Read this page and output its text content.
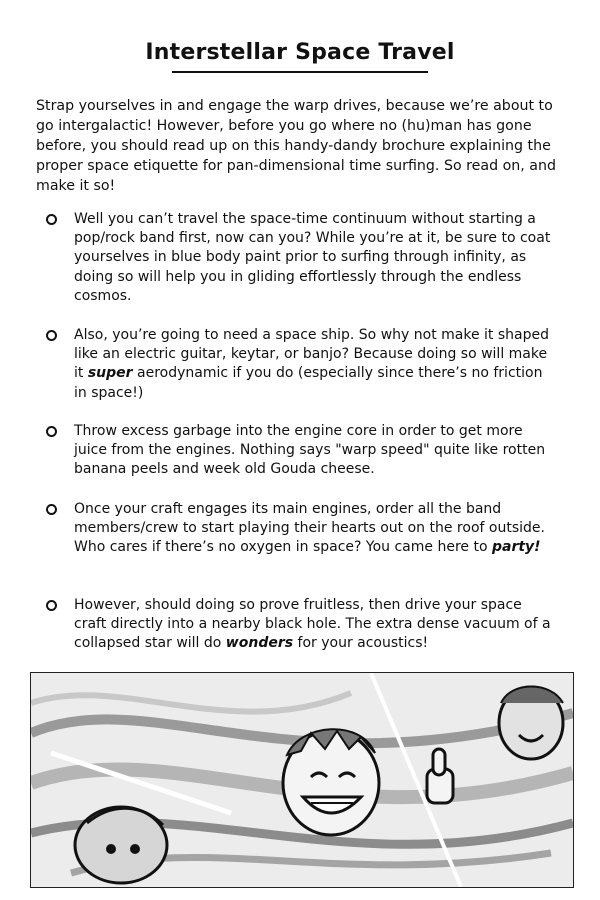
Interstellar Space Travel

Strap yourselves in and engage the warp drives, because we’re about to go intergalactic! However, before you go where no (hu)man has gone before, you should read up on this handy-dandy brochure explaining the proper space etiquette for pan-dimensional time surfing. So read on, and make it so!

Well you can’t travel the space-time continuum without starting a pop/rock band first, now can you? While you’re at it, be sure to coat yourselves in blue body paint prior to surfing through infinity, as doing so will help you in gliding effortlessly through the endless cosmos.

Also, you’re going to need a space ship. So why not make it shaped like an electric guitar, keytar, or banjo? Because doing so will make it super aerodynamic if you do (especially since there’s no friction in space!)

Throw excess garbage into the engine core in order to get more juice from the engines. Nothing says "warp speed" quite like rotten banana peels and week old Gouda cheese.

Once your craft engages its main engines, order all the band members/crew to start playing their hearts out on the roof outside. Who cares if there’s no oxygen in space? You came here to party!

However, should doing so prove fruitless, then drive your space craft directly into a nearby black hole. The extra dense vacuum of a collapsed star will do wonders for your acoustics!
